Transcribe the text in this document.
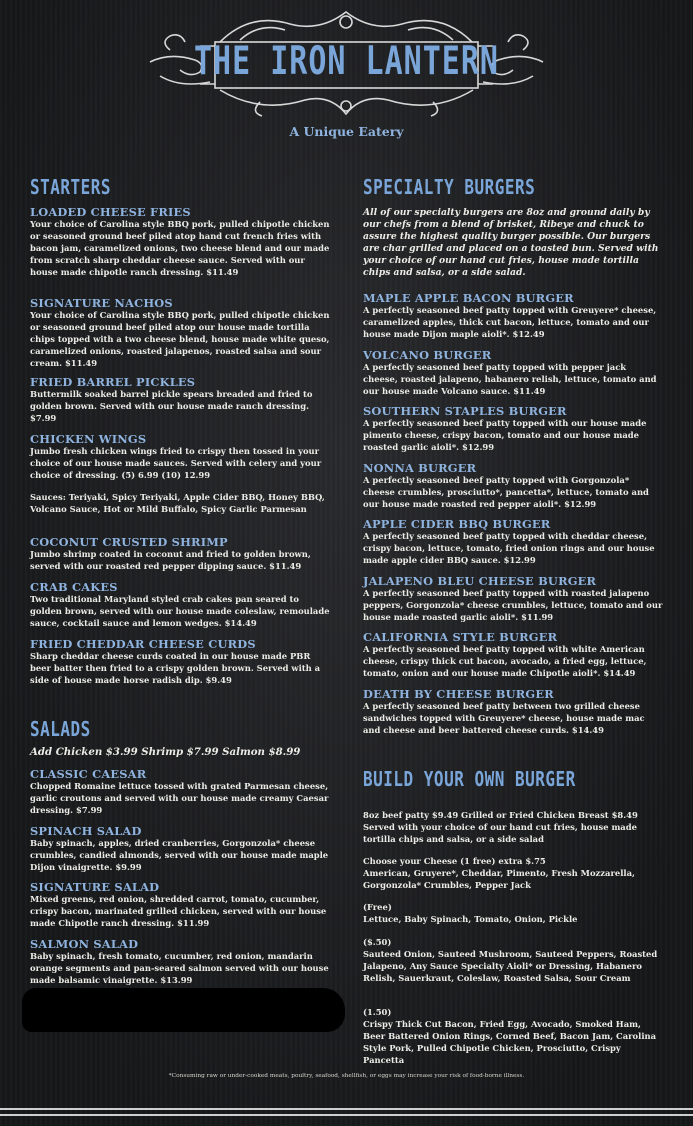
THE IRON LANTERN
A Unique Eatery
STARTERS
LOADED CHEESE FRIES
Your choice of Carolina style BBQ pork, pulled chipotle chicken or seasoned ground beef piled atop hand cut french fries with bacon jam, caramelized onions, two cheese blend and our made from scratch sharp cheddar cheese sauce. Served with our house made chipotle ranch dressing. $11.49
SIGNATURE NACHOS
Your choice of Carolina style BBQ pork, pulled chipotle chicken or seasoned ground beef piled atop our house made tortilla chips topped with a two cheese blend, house made white queso, caramelized onions, roasted jalapenos, roasted salsa and sour cream. $11.49
FRIED BARREL PICKLES
Buttermilk soaked barrel pickle spears breaded and fried to golden brown. Served with our house made ranch dressing. $7.99
CHICKEN WINGS
Jumbo fresh chicken wings fried to crispy then tossed in your choice of our house made sauces. Served with celery and your choice of dressing. (5) 6.99 (10) 12.99
Sauces: Teriyaki, Spicy Teriyaki, Apple Cider BBQ, Honey BBQ, Volcano Sauce, Hot or Mild Buffalo, Spicy Garlic Parmesan
COCONUT CRUSTED SHRIMP
Jumbo shrimp coated in coconut and fried to golden brown, served with our roasted red pepper dipping sauce. $11.49
CRAB CAKES
Two traditional Maryland styled crab cakes pan seared to golden brown, served with our house made coleslaw, remoulade sauce, cocktail sauce and lemon wedges. $14.49
FRIED CHEDDAR CHEESE CURDS
Sharp cheddar cheese curds coated in our house made PBR beer batter then fried to a crispy golden brown. Served with a side of house made horse radish dip. $9.49
SALADS
Add Chicken $3.99 Shrimp $7.99 Salmon $8.99
CLASSIC CAESAR
Chopped Romaine lettuce tossed with grated Parmesan cheese, garlic croutons and served with our house made creamy Caesar dressing. $7.99
SPINACH SALAD
Baby spinach, apples, dried cranberries, Gorgonzola* cheese crumbles, candied almonds, served with our house made maple Dijon vinaigrette. $9.99
SIGNATURE SALAD
Mixed greens, red onion, shredded carrot, tomato, cucumber, crispy bacon, marinated grilled chicken, served with our house made Chipotle ranch dressing. $11.99
SALMON SALAD
Baby spinach, fresh tomato, cucumber, red onion, mandarin orange segments and pan-seared salmon served with our house made balsamic vinaigrette. $13.99
SPECIALTY BURGERS
All of our specialty burgers are 8oz and ground daily by our chefs from a blend of brisket, Ribeye and chuck to assure the highest quality burger possible. Our burgers are char grilled and placed on a toasted bun. Served with your choice of our hand cut fries, house made tortilla chips and salsa, or a side salad.
MAPLE APPLE BACON BURGER
A perfectly seasoned beef patty topped with Greuyere* cheese, caramelized apples, thick cut bacon, lettuce, tomato and our house made Dijon maple aioli*. $12.49
VOLCANO BURGER
A perfectly seasoned beef patty topped with pepper jack cheese, roasted jalapeno, habanero relish, lettuce, tomato and our house made Volcano sauce. $11.49
SOUTHERN STAPLES BURGER
A perfectly seasoned beef patty topped with our house made pimento cheese, crispy bacon, tomato and our house made roasted garlic aioli*. $12.99
NONNA BURGER
A perfectly seasoned beef patty topped with Gorgonzola* cheese crumbles, prosciutto*, pancetta*, lettuce, tomato and our house made roasted red pepper aioli*. $12.99
APPLE CIDER BBQ BURGER
A perfectly seasoned beef patty topped with cheddar cheese, crispy bacon, lettuce, tomato, fried onion rings and our house made apple cider BBQ sauce. $12.99
JALAPENO BLEU CHEESE BURGER
A perfectly seasoned beef patty topped with roasted jalapeno peppers, Gorgonzola* cheese crumbles, lettuce, tomato and our house made roasted garlic aioli*. $11.99
CALIFORNIA STYLE BURGER
A perfectly seasoned beef patty topped with white American cheese, crispy thick cut bacon, avocado, a fried egg, lettuce, tomato, onion and our house made Chipotle aioli*. $14.49
DEATH BY CHEESE BURGER
A perfectly seasoned beef patty between two grilled cheese sandwiches topped with Greuyere* cheese, house made mac and cheese and beer battered cheese curds. $14.49
BUILD YOUR OWN BURGER
8oz beef patty $9.49 Grilled or Fried Chicken Breast $8.49 Served with your choice of our hand cut fries, house made tortilla chips and salsa, or a side salad
Choose your Cheese (1 free) extra $.75
American, Gruyere*, Cheddar, Pimento, Fresh Mozzarella, Gorgonzola* Crumbles, Pepper Jack
(Free)
Lettuce, Baby Spinach, Tomato, Onion, Pickle
($.50)
Sauteed Onion, Sauteed Mushroom, Sauteed Peppers, Roasted Jalapeno, Any Sauce Specialty Aioli* or Dressing, Habanero Relish, Sauerkraut, Coleslaw, Roasted Salsa, Sour Cream
(1.50)
Crispy Thick Cut Bacon, Fried Egg, Avocado, Smoked Ham, Beer Battered Onion Rings, Corned Beef, Bacon Jam, Carolina Style Pork, Pulled Chipotle Chicken, Prosciutto, Crispy Pancetta
*Consuming raw or under-cooked meats, poultry, seafood, shellfish, or eggs may increase your risk of food-borne illness.
